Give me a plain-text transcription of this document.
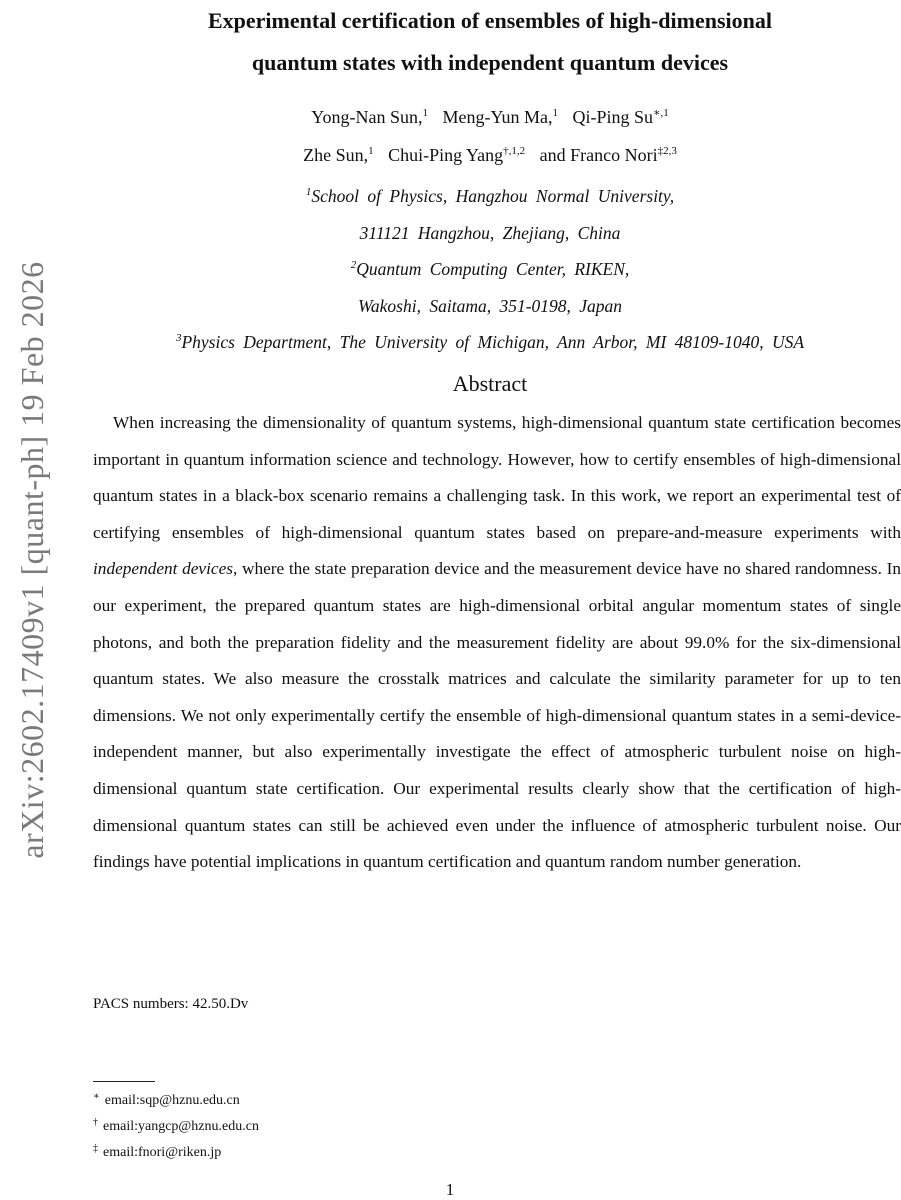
arXiv:2602.17409v1 [quant-ph] 19 Feb 2026
Experimental certification of ensembles of high-dimensional
quantum states with independent quantum devices
Yong-Nan Sun,$^1$ Meng-Yun Ma,$^1$ Qi-Ping $Su^{∗,1}$
Zhe Sun,$^1$ Chui-Ping Yang$^{\dagger,1,2}$ and Franco Nori$^{\ddagger 2,3}$
$^1$School of Physics, Hangzhou Normal University,
311121 Hangzhou, Zhejiang, China
$^2$Quantum Computing Center, RIKEN,
Wakoshi, Saitama, 351-0198, Japan
$^3$Physics Department, The University of Michigan, Ann Arbor, MI 48109-1040, USA
Abstract

When increasing the dimensionality of quantum systems, high-dimensional quantum state certification becomes important in quantum information science and technology. However, how to certify ensembles of high-dimensional quantum states in a black-box scenario remains a challenging task. In this work, we report an experimental test of certifying ensembles of high-dimensional quantum states based on prepare-and-measure experiments with independent devices, where the state preparation device and the measurement device have no shared randomness. In our experiment, the prepared quantum states are high-dimensional orbital angular momentum states of single photons, and both the preparation fidelity and the measurement fidelity are about 99.0% for the six-dimensional quantum states. We also measure the crosstalk matrices and calculate the similarity parameter for up to ten dimensions. We not only experimentally certify the ensemble of high-dimensional quantum states in a semi-device-independent manner, but also experimentally investigate the effect of atmospheric turbulent noise on high-dimensional quantum state certification. Our experimental results clearly show that the certification of high-dimensional quantum states can still be achieved even under the influence of atmospheric turbulent noise. Our findings have potential implications in quantum certification and quantum random number generation.

PACS numbers: 42.50.Dv
∗ email:sqp@hznu.edu.cn
† email:yangcp@hznu.edu.cn
‡ email:fnori@riken.jp
1
